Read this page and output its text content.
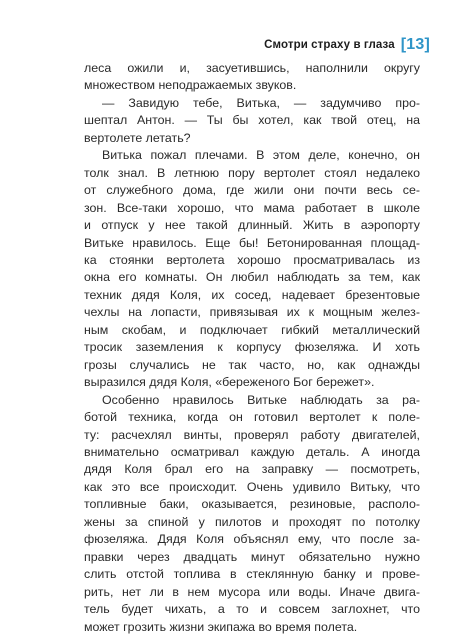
Смотри страху в глаза [13]

леса ожили и, засуетившись, наполнили округу
множеством неподражаемых звуков.

— Завидую тебе, Витька, — задумчиво про-
шептал Антон. — Ты бы хотел, как твой отец, на
вертолете летать?

Витька пожал плечами. В этом деле, конечно, он
толк знал. В летнюю пору вертолет стоял недалеко
от служебного дома, где жили они почти весь се-
зон. Все-таки хорошо, что мама работает в школе
и отпуск у нее такой длинный. Жить в аэропорту
Витьке нравилось. Еще бы! Бетонированная площад-
ка стоянки вертолета хорошо просматривалась из
окна его комнаты. Он любил наблюдать за тем, как
техник дядя Коля, их сосед, надевает брезентовые
чехлы на лопасти, привязывая их к мощным желез-
ным скобам, и подключает гибкий металлический
тросик заземления к корпусу фюзеляжа. И хоть
грозы случались не так часто, но, как однажды
выразился дядя Коля, «береженого Бог бережет».

Особенно нравилось Витьке наблюдать за ра-
ботой техника, когда он готовил вертолет к поле-
ту: расчехлял винты, проверял работу двигателей,
внимательно осматривал каждую деталь. А иногда
дядя Коля брал его на заправку — посмотреть,
как это все происходит. Очень удивило Витьку, что
топливные баки, оказывается, резиновые, располо-
жены за спиной у пилотов и проходят по потолку
фюзеляжа. Дядя Коля объяснял ему, что после за-
правки через двадцать минут обязательно нужно
слить отстой топлива в стеклянную банку и прове-
рить, нет ли в нем мусора или воды. Иначе двига-
тель будет чихать, а то и совсем заглохнет, что
может грозить жизни экипажа во время полета.
